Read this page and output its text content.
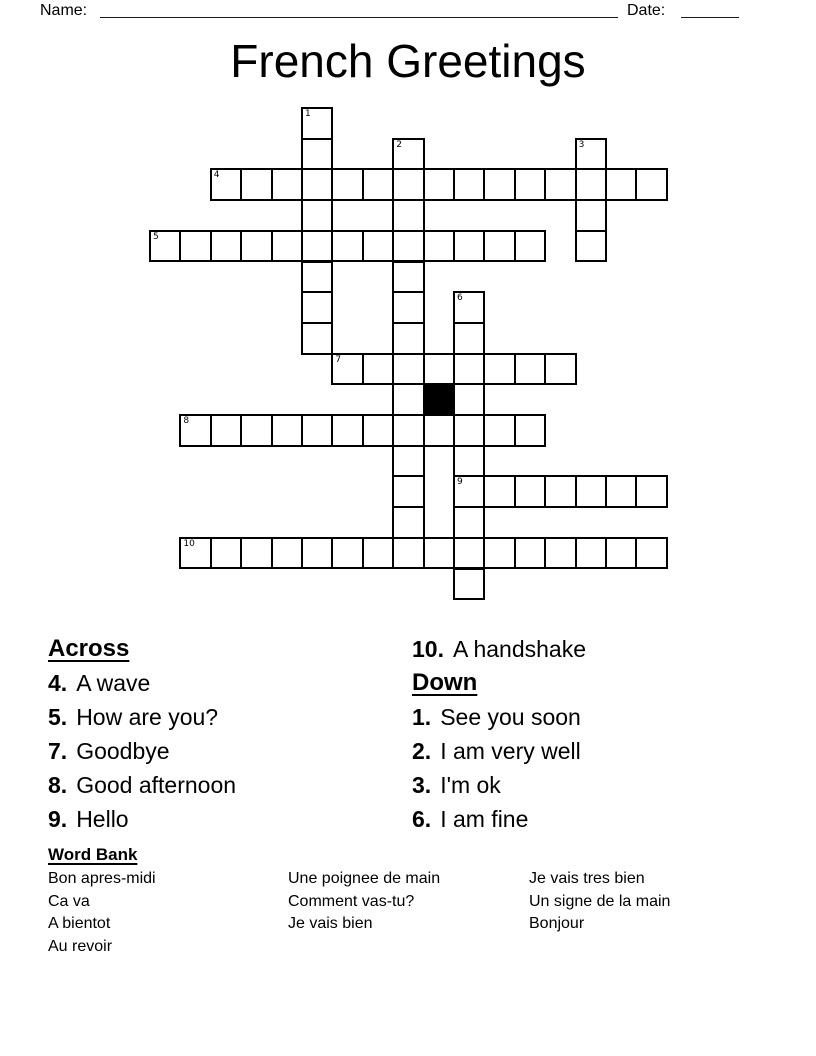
Name:	Date:
French Greetings
4
5
7
8
9
10
1
2	3
6
Across
4. A wave
5. How are you?
7. Goodbye
8. Good afternoon
9. Hello
10. A handshake
Down
1. See you soon
2. I am very well
3. I'm ok
6. I am fine
Word Bank
Bon apres-midi
Ca va
A bientot
Au revoir
Une poignee de main
Comment vas-tu?
Je vais bien
Je vais tres bien
Un signe de la main
Bonjour
